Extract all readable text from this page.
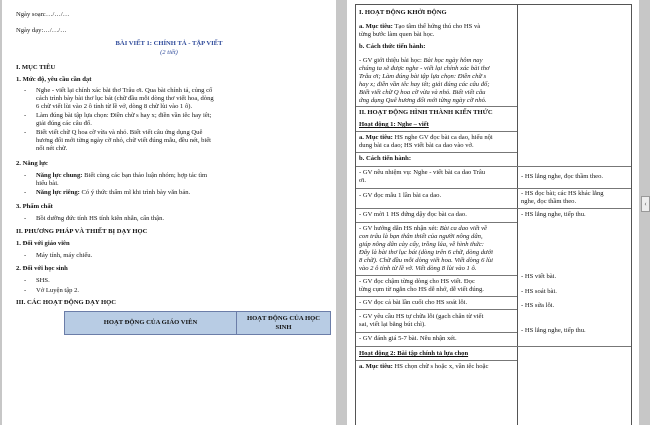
Ngày soạn:…/…/…
Ngày dạy:…/…/…
BÀI VIẾT 1: CHÍNH TẢ - TẬP VIẾT
(2 tiết)
I. MỤC TIÊU
1. Mức độ, yêu cầu cần đạt
- Nghe - viết lại chính xác bài thơ Trâu ơi. Qua bài chính tả, củng cố
cách trình bày bài thơ lục bát (chữ đầu mỗi dòng thơ viết hoa, dòng
6 chữ viết lùi vào 2 ô tính từ lề vở, dòng 8 chữ lùi vào 1 ô).
- Làm đúng bài tập lựa chọn: Điền chữ s hay x; điền vần iêc hay iêt;
giải đúng các câu đố.
- Biết viết chữ Q hoa cỡ vừa và nhỏ. Biết viết câu ứng dụng Quê
hương đổi mới từng ngày cỡ nhỏ, chữ viết đúng mẫu, đều nét, biết
nối nét chữ.
2. Năng lực
- Năng lực chung: Biết cùng các bạn thảo luận nhóm; hợp tác tìm
hiểu bài.
- Năng lực riêng: Có ý thức thẩm mĩ khi trình bày văn bản.
3. Phẩm chất
- Bồi dưỡng đức tính HS tính kiên nhẫn, cẩn thận.
II. PHƯƠNG PHÁP VÀ THIẾT BỊ DẠY HỌC
1. Đối với giáo viên
- Máy tính, máy chiếu.
2. Đối với học sinh
- SHS.
- Vở Luyện tập 2.
III. CÁC HOẠT ĐỘNG DẠY HỌC
HOẠT ĐỘNG CỦA GIÁO VIÊN
HOẠT ĐỘNG CỦA HỌC
SINH
I. HOẠT ĐỘNG KHỞI ĐỘNG
a. Mục tiêu: Tạo tâm thế hứng thú cho HS và
từng bước làm quen bài học.
b. Cách thức tiến hành:
- GV giới thiệu bài học: Bài học ngày hôm nay
chúng ta sẽ được nghe - viết lại chính xác bài thơ
Trâu ơi; Làm đúng bài tập lựa chọn: Điền chữ s
hay x; điền vần iêc hay iêt; giải đúng các câu đố;
Biết viết chữ Q hoa cỡ vừa và nhỏ. Biết viết câu
ứng dụng Quê hương đổi mới từng ngày cỡ nhỏ.
II. HOẠT ĐỘNG HÌNH THÀNH KIẾN THỨC
Hoạt động 1: Nghe – viết
a. Mục tiêu: HS nghe GV đọc bài ca dao, hiểu nội
dung bài ca dao; HS viết bài ca dao vào vở.
b. Cách tiến hành:
- GV nêu nhiệm vụ: Nghe - viết bài ca dao Trâu
ơi.
- HS lắng nghe, đọc thầm theo.
- GV đọc mẫu 1 lần bài ca dao.	- HS đọc bài; các HS khác lắng
nghe, đọc thầm theo.
- GV mời 1 HS đứng dậy đọc bài ca dao.	- HS lắng nghe, tiếp thu.
- GV hướng dẫn HS nhận xét: Bài ca dao viết về
con trâu là bạn thân thiết của người nông dân,
giúp nông dân cày cấy, trồng lúa, về hình thức:
Đây là bài thơ lục bát (dòng trên 6 chữ, dòng dưới
8 chữ). Chữ đầu mỗi dòng viết hoa. Viết dòng 6 lùi
vào 2 ô tính từ lề vở. Viết dòng 8 lùi vào 1 ô.
- GV đọc chậm từng dòng cho HS viết. Đọc
từng cụm từ ngắn cho HS dễ nhớ, dễ viết đúng.
- HS viết bài.
- GV đọc cả bài lần cuối cho HS soát lỗi.
- HS soát bài.
- HS sửa lỗi.
- GV yêu cầu HS tự chữa lỗi (gạch chân từ viết
sai, viết lại bằng bút chì).
- HS lắng nghe, tiếp thu.
- GV đánh giá 5-7 bài. Nêu nhận xét.
Hoạt động 2: Bài tập chính tả lựa chọn
a. Mục tiêu: HS chọn chữ s hoặc x, vần iêc hoặc
‹
